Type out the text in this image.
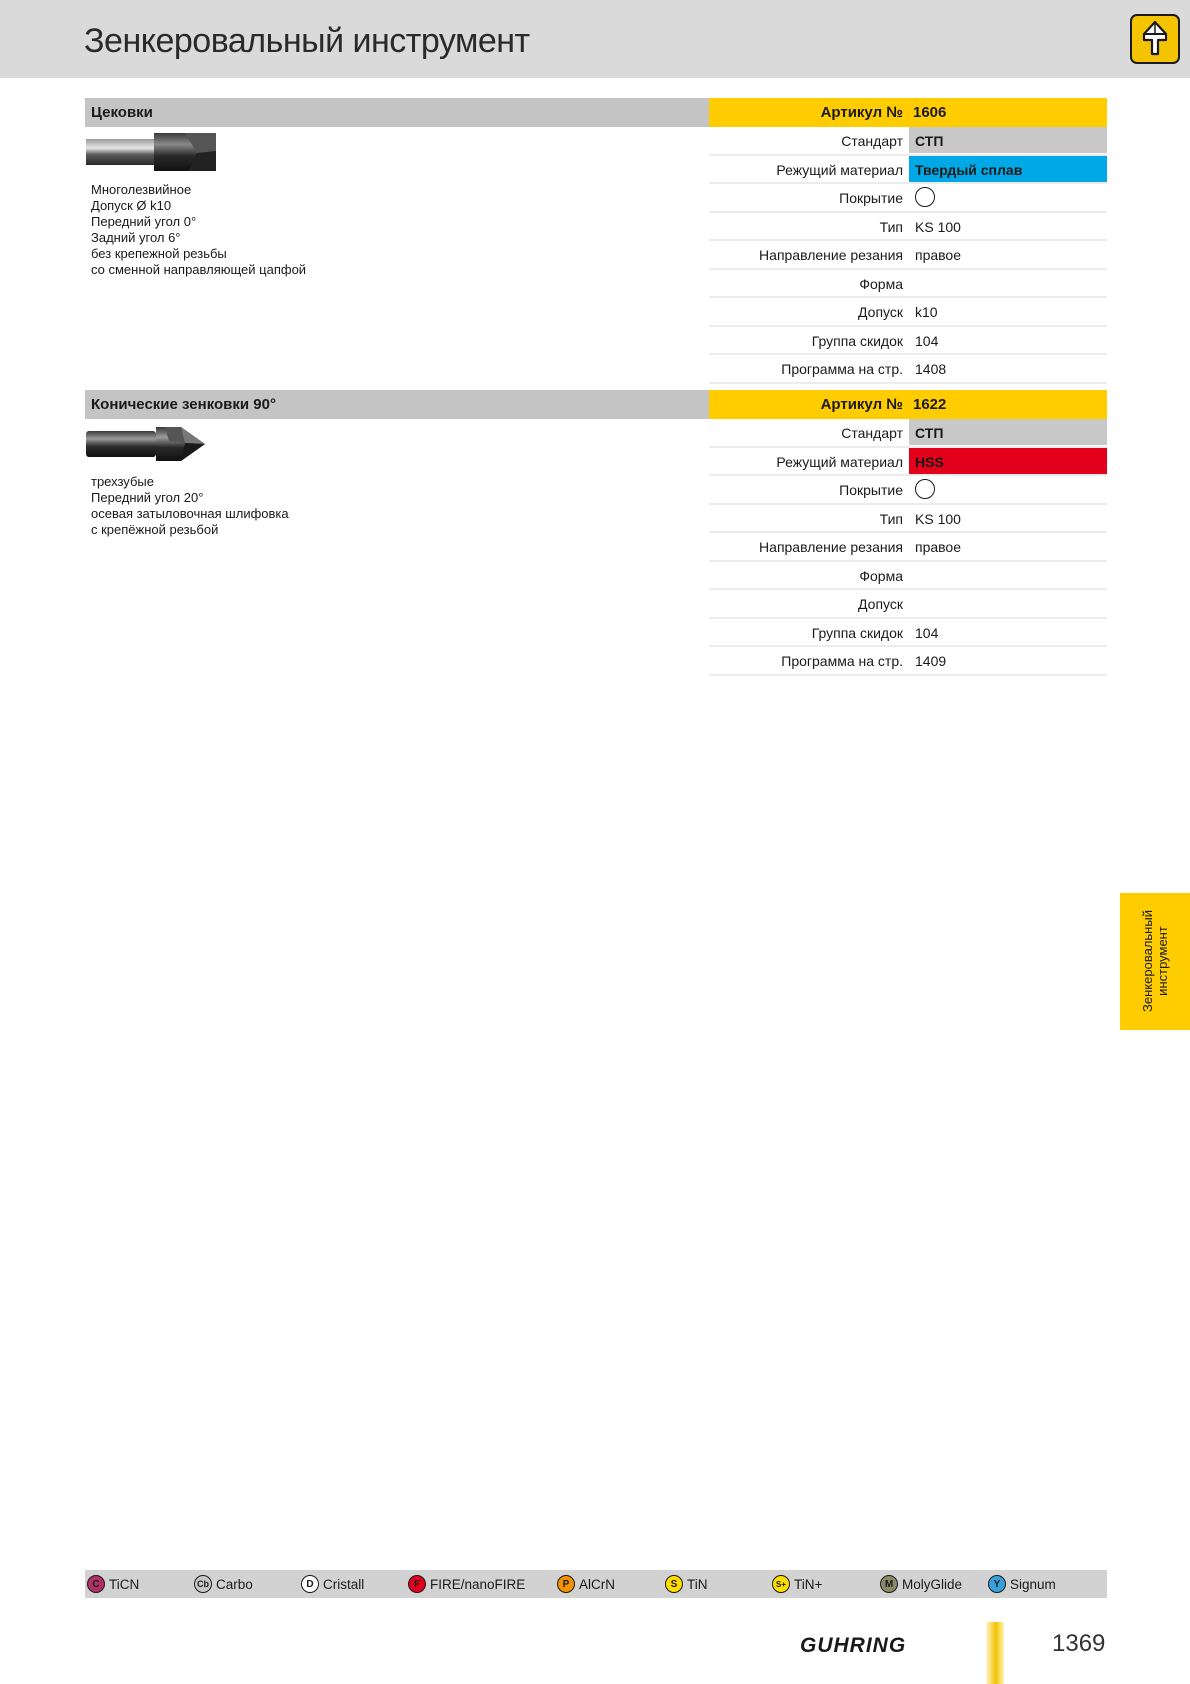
Зенкеровальный инструмент
Цековки	Артикул № 1606
Многолезвийное
Допуск Ø k10
Передний угол 0°
Задний угол 6°
без крепежной резьбы
со сменной направляющей цапфой
Стандарт СТП
Режущий материал Твердый сплав
Покрытие
Тип KS 100
Направление резания правое
Форма
Допуск k10
Группа скидок 104
Программа на стр. 1408
Конические зенковки 90°	Артикул № 1622
трехзубые
Передний угол 20°
осевая затыловочная шлифовка
с крепёжной резьбой
Стандарт СТП
Режущий материал HSS
Покрытие
Тип KS 100
Направление резания правое
Форма
Допуск
Группа скидок 104
Программа на стр. 1409
Зенкеровальный инструмент
C TiCN	Cb Carbo	D Cristall	F FIRE/nanoFIRE	P AlCrN	S TiN	S+ TiN+	M MolyGlide	Y Signum
GUHRING	1369
